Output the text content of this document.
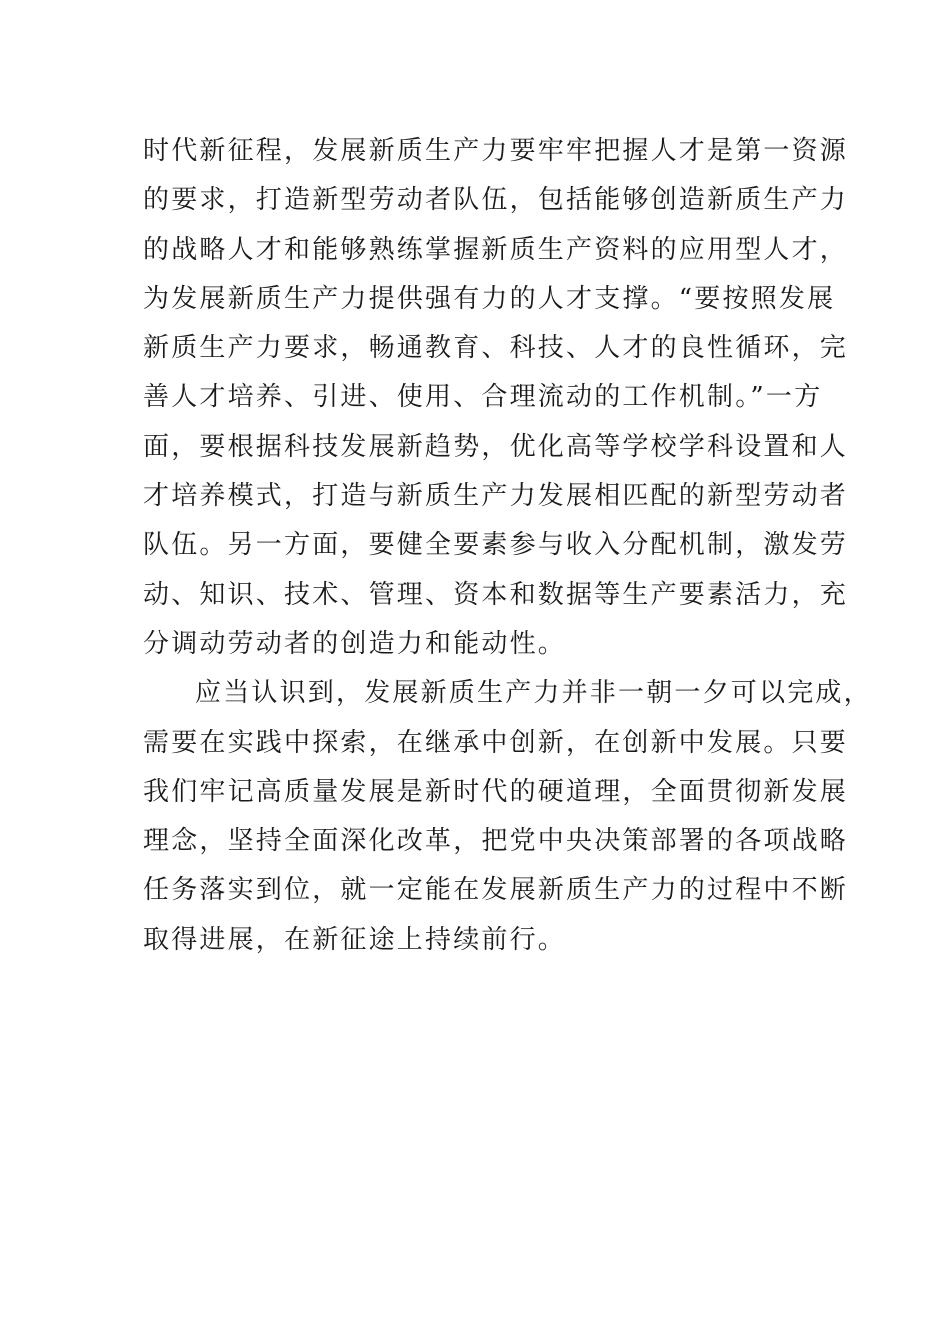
时代新征程，发展新质生产力要牢牢把握人才是第一资源
的要求，打造新型劳动者队伍，包括能够创造新质生产力
的战略人才和能够熟练掌握新质生产资料的应用型人才，
为发展新质生产力提供强有力的人才支撑。“要按照发展
新质生产力要求，畅通教育、科技、人才的良性循环，完
善人才培养、引进、使用、合理流动的工作机制。”一方
面，要根据科技发展新趋势，优化高等学校学科设置和人
才培养模式，打造与新质生产力发展相匹配的新型劳动者
队伍。另一方面，要健全要素参与收入分配机制，激发劳
动、知识、技术、管理、资本和数据等生产要素活力，充
分调动劳动者的创造力和能动性。
应当认识到，发展新质生产力并非一朝一夕可以完成，
需要在实践中探索，在继承中创新，在创新中发展。只要
我们牢记高质量发展是新时代的硬道理，全面贯彻新发展
理念，坚持全面深化改革，把党中央决策部署的各项战略
任务落实到位，就一定能在发展新质生产力的过程中不断
取得进展，在新征途上持续前行。
